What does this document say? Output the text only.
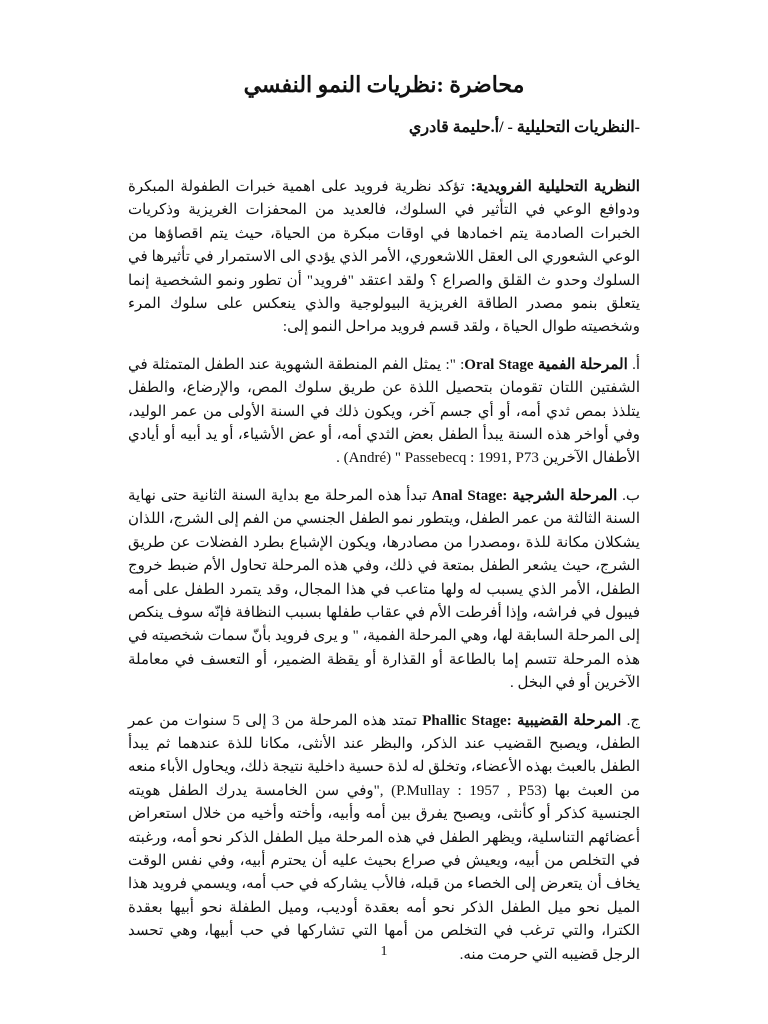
محاضرة :نظريات النمو النفسي
-النظريات التحليلية - /أ.حليمة قادري

النظرية التحليلية الفرويدية: تؤكد نظرية فرويد على اهمية خبرات الطفولة المبكرة ودوافع الوعي في التأثير في السلوك، فالعديد من المحفزات الغريزية وذكريات الخبرات الصادمة يتم اخمادها في اوقات مبكرة من الحياة، حيث يتم اقصاؤها من الوعي الشعوري الى العقل اللاشعوري، الأمر الذي يؤدي الى الاستمرار في تأثيرها في السلوك وحدو ث القلق والصراع ؟ ولقد اعتقد "فرويد" أن تطور ونمو الشخصية إنما يتعلق بنمو مصدر الطاقة الغريزية البيولوجية والذي ينعكس على سلوك المرء وشخصيته طوال الحياة ، ولقد قسم فرويد مراحل النمو إلى:

أ. المرحلة الفمية Oral Stage: ": يمثل الفم المنطقة الشهوية عند الطفل المتمثلة في الشفتين اللتان تقومان بتحصيل اللذة عن طريق سلوك المص، والإرضاع، والطفل يتلذذ بمص ثدي أمه، أو أي جسم آخر، ويكون ذلك في السنة الأولى من عمر الوليد، وفي أواخر هذه السنة يبدأ الطفل بعض الثدي أمه، أو عض الأشياء، أو يد أبيه أو أيادي الأطفال الآخرين André) " Passebecq : 1991, P73) .

ب. المرحلة الشرجية :Anal Stage تبدأ هذه المرحلة مع بداية السنة الثانية حتى نهاية السنة الثالثة من عمر الطفل، ويتطور نمو الطفل الجنسي من الفم إلى الشرج، اللذان يشكلان مكانة للذة ،ومصدرا من مصادرها، ويكون الإشباع بطرد الفضلات عن طريق الشرج، حيث يشعر الطفل بمتعة في ذلك، وفي هذه المرحلة تحاول الأم ضبط خروج الطفل، الأمر الذي يسبب له ولها متاعب في هذا المجال، وقد يتمرد الطفل على أمه فيبول في فراشه، وإذا أفرطت الأم في عقاب طفلها بسبب النظافة فإنّه سوف ينكص إلى المرحلة السابقة لها، وهي المرحلة الفمية، " و يرى فرويد بأنّ سمات شخصيته في هذه المرحلة تتسم إما بالطاعة أو القذارة أو يقظة الضمير، أو التعسف في معاملة الآخرين أو في البخل .

ج. المرحلة القضيبية :Phallic Stage تمتد هذه المرحلة من 3 إلى 5 سنوات من عمر الطفل، ويصبح القضيب عند الذكر، والبظر عند الأنثى، مكانا للذة عندهما ثم يبدأ الطفل بالعبث بهذه الأعضاء، وتخلق له لذة حسية داخلية نتيجة ذلك، ويحاول الأباء منعه من العبث بها (P.Mullay : 1957 , P53) ,"وفي سن الخامسة يدرك الطفل هويته الجنسية كذكر أو كأنثى، ويصبح يفرق بين أمه وأبيه، وأخته وأخيه من خلال استعراض أعضائهم التناسلية، ويظهر الطفل في هذه المرحلة ميل الطفل الذكر نحو أمه، ورغبته في التخلص من أبيه، ويعيش في صراع بحيث عليه أن يحترم أبيه، وفي نفس الوقت يخاف أن يتعرض إلى الخصاء من قبله، فالأب يشاركه في حب أمه، ويسمي فرويد هذا الميل نحو ميل الطفل الذكر نحو أمه بعقدة أوديب، وميل الطفلة نحو أبيها بعقدة الكترا، والتي ترغب في التخلص من أمها التي تشاركها في حب أبيها، وهي تحسد الرجل قضيبه التي حرمت منه.

1
